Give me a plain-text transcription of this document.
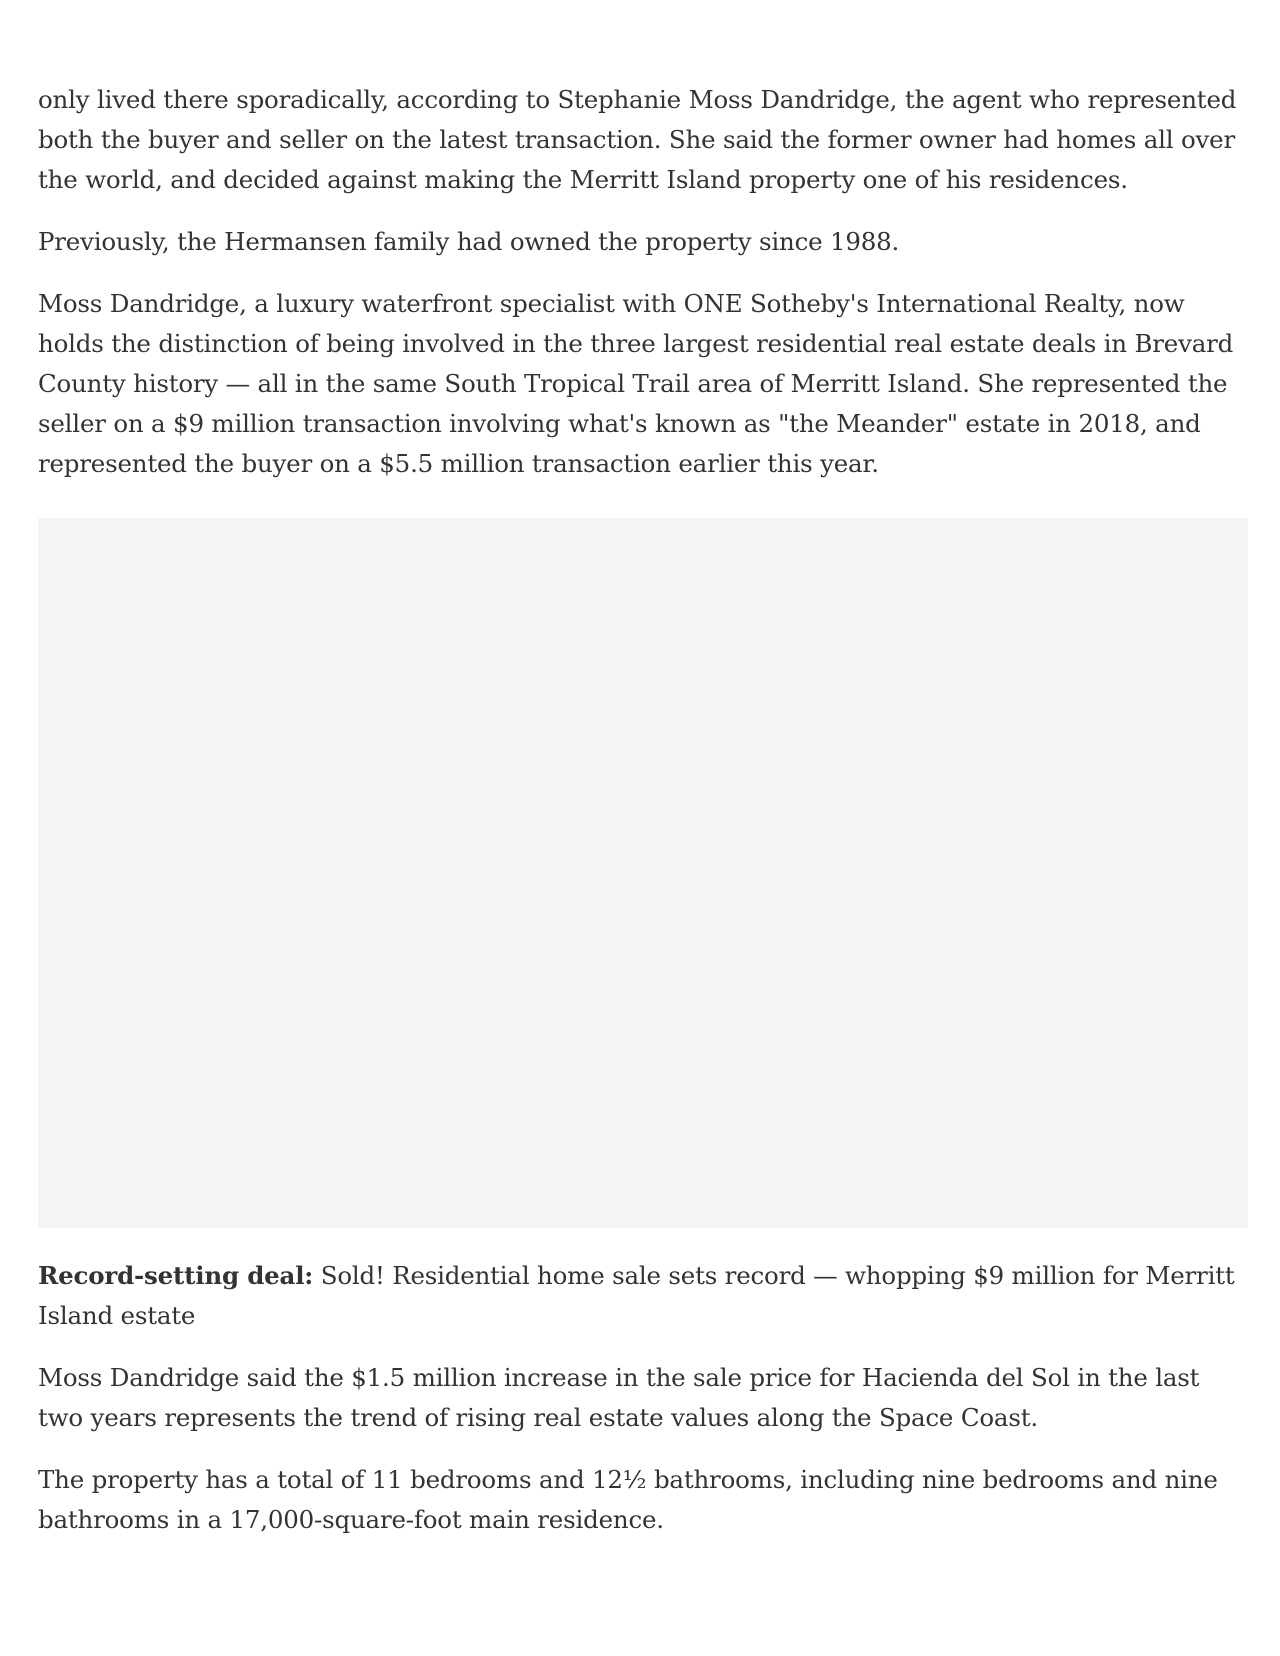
only lived there sporadically, according to Stephanie Moss Dandridge, the agent who represented both the buyer and seller on the latest transaction. She said the former owner had homes all over the world, and decided against making the Merritt Island property one of his residences.

Previously, the Hermansen family had owned the property since 1988.

Moss Dandridge, a luxury waterfront specialist with ONE Sotheby's International Realty, now holds the distinction of being involved in the three largest residential real estate deals in Brevard County history — all in the same South Tropical Trail area of Merritt Island. She represented the seller on a $9 million transaction involving what's known as "the Meander" estate in 2018, and represented the buyer on a $5.5 million transaction earlier this year.

Record-setting deal: Sold! Residential home sale sets record — whopping $9 million for Merritt Island estate

Moss Dandridge said the $1.5 million increase in the sale price for Hacienda del Sol in the last two years represents the trend of rising real estate values along the Space Coast.

The property has a total of 11 bedrooms and 12½ bathrooms, including nine bedrooms and nine bathrooms in a 17,000-square-foot main residence.
